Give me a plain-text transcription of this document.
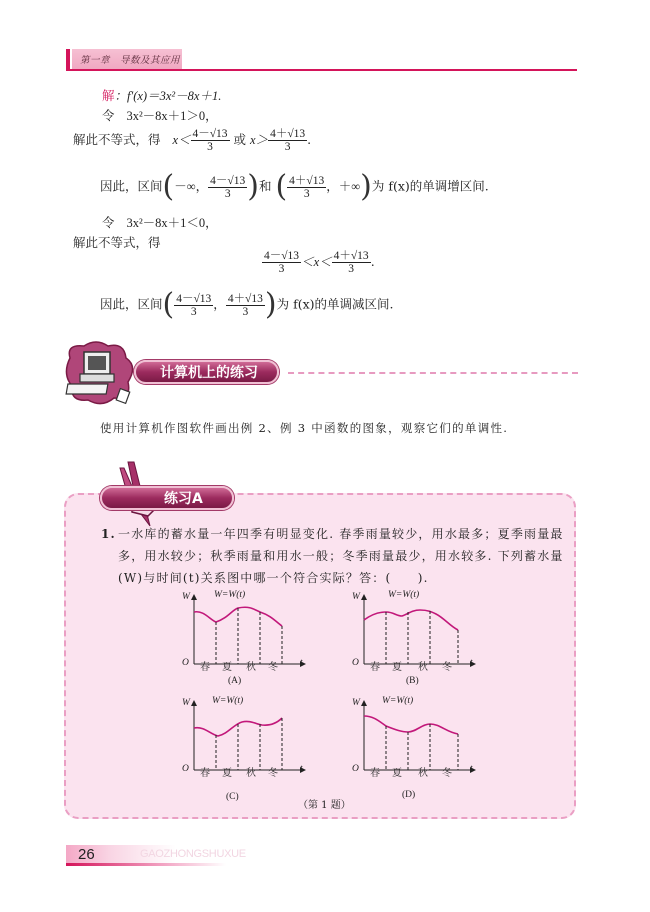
第一章　导数及其应用
解：f′(x)＝3x²－8x＋1.
令 3x²－8x＋1＞0，
解此不等式，得 $x< \frac{4-√13}{3}$ 或 $x> \frac{4+√13}{3}$ .
因此，区间(－∞， $\frac{4-√13}{3}$ )和 ( $\frac{4+√13}{3}$ ，＋∞)为 f(x)的单调增区间.
令 3x²－8x＋1＜0，
解此不等式，得
$\frac{4-√13}{3} <x< \frac{4+√13}{3}$ .
因此，区间( $\frac{4-√13}{3}$ ， $\frac{4+√13}{3}$ )为 f(x)的单调减区间.
计算机上的练习
使用计算机作图软件画出例 2、例 3 中函数的图象，观察它们的单调性.
练习A
1. 一水库的蓄水量一年四季有明显变化. 春季雨量较少，用水最多；夏季雨量最
多，用水较少；秋季雨量和用水一般；冬季雨量最少，用水较多. 下列蓄水量
(W)与时间(t)关系图中哪一个符合实际？答：(　　).
W	W=W(t)
O	t
春 夏 秋 冬
(A)
W	W=W(t)
O	t
春 夏 秋 冬
(B)
W W=W(t)
O	t
春 夏 秋 冬
(C)
W W=W(t)
O	t
春 夏 秋 冬
(D)
（第 1 题）
26	GAOZHONGSHUXUE
